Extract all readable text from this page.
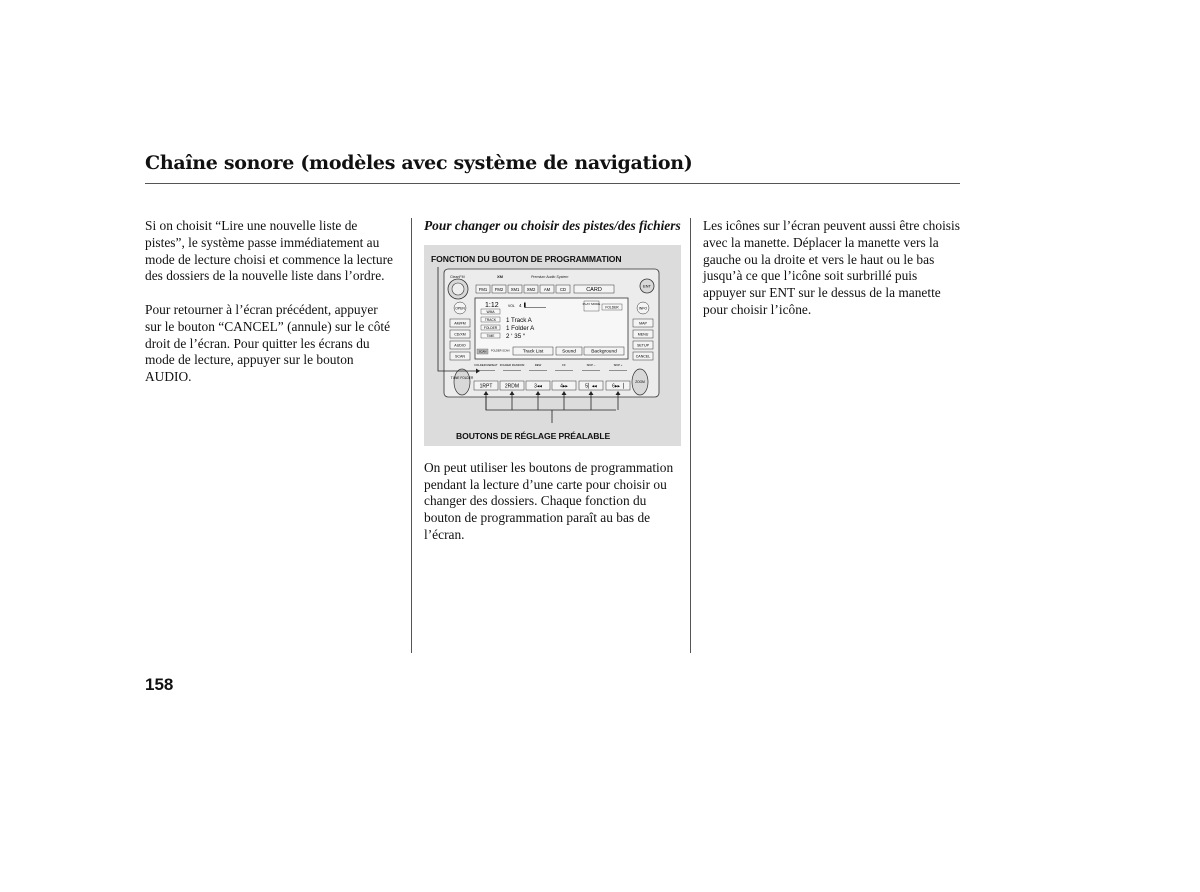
Chaîne sonore (modèles avec système de navigation)

Si on choisit “Lire une nouvelle liste de pistes”, le système passe immédiatement au mode de lecture choisi et commence la lecture des dossiers de la nouvelle liste dans l’ordre.

Pour retourner à l’écran précédent, appuyer sur le bouton “CANCEL” (annule) sur le côté droit de l’écran. Pour quitter les écrans du mode de lecture, appuyer sur le bouton AUDIO.

Pour changer ou choisir des pistes/des fichiers
FONCTION DU BOUTON DE PROGRAMMATION
CleanFM	XM	Premium Audio System
ENT
FM1 FM2 XM1 XM2 AM CD	CARD
1:12	VOL 4
WMA
TRACK
FOLDER
TIME
1 Track A
1 Folder A
2 ‘ 35 “
PLAY MODE
FOLDER
SCAN FOLDER SCAN	Track List	Sound	Background
FOLDER REPEAT FOLDER RANDOM	REW	FF	SKIP –	SKIP +
OPEN
AM/FM
CD/XM
AUDIO
SCAN
INFO
MAP
MENU
SETUP
CANCEL
TUNE FOLDER
ZOOM
1RPT	2RDM	3◂◂	4▸▸	5▏◂◂	6▸▸▕
BOUTONS DE RÉGLAGE PRÉALABLE

On peut utiliser les boutons de programmation pendant la lecture d’une carte pour choisir ou changer des dossiers. Chaque fonction du bouton de programmation paraît au bas de l’écran.

Les icônes sur l’écran peuvent aussi être choisis avec la manette. Déplacer la manette vers la gauche ou la droite et vers le haut ou le bas jusqu’à ce que l’icône soit surbrillé puis appuyer sur ENT sur le dessus de la manette pour choisir l’icône.

158
